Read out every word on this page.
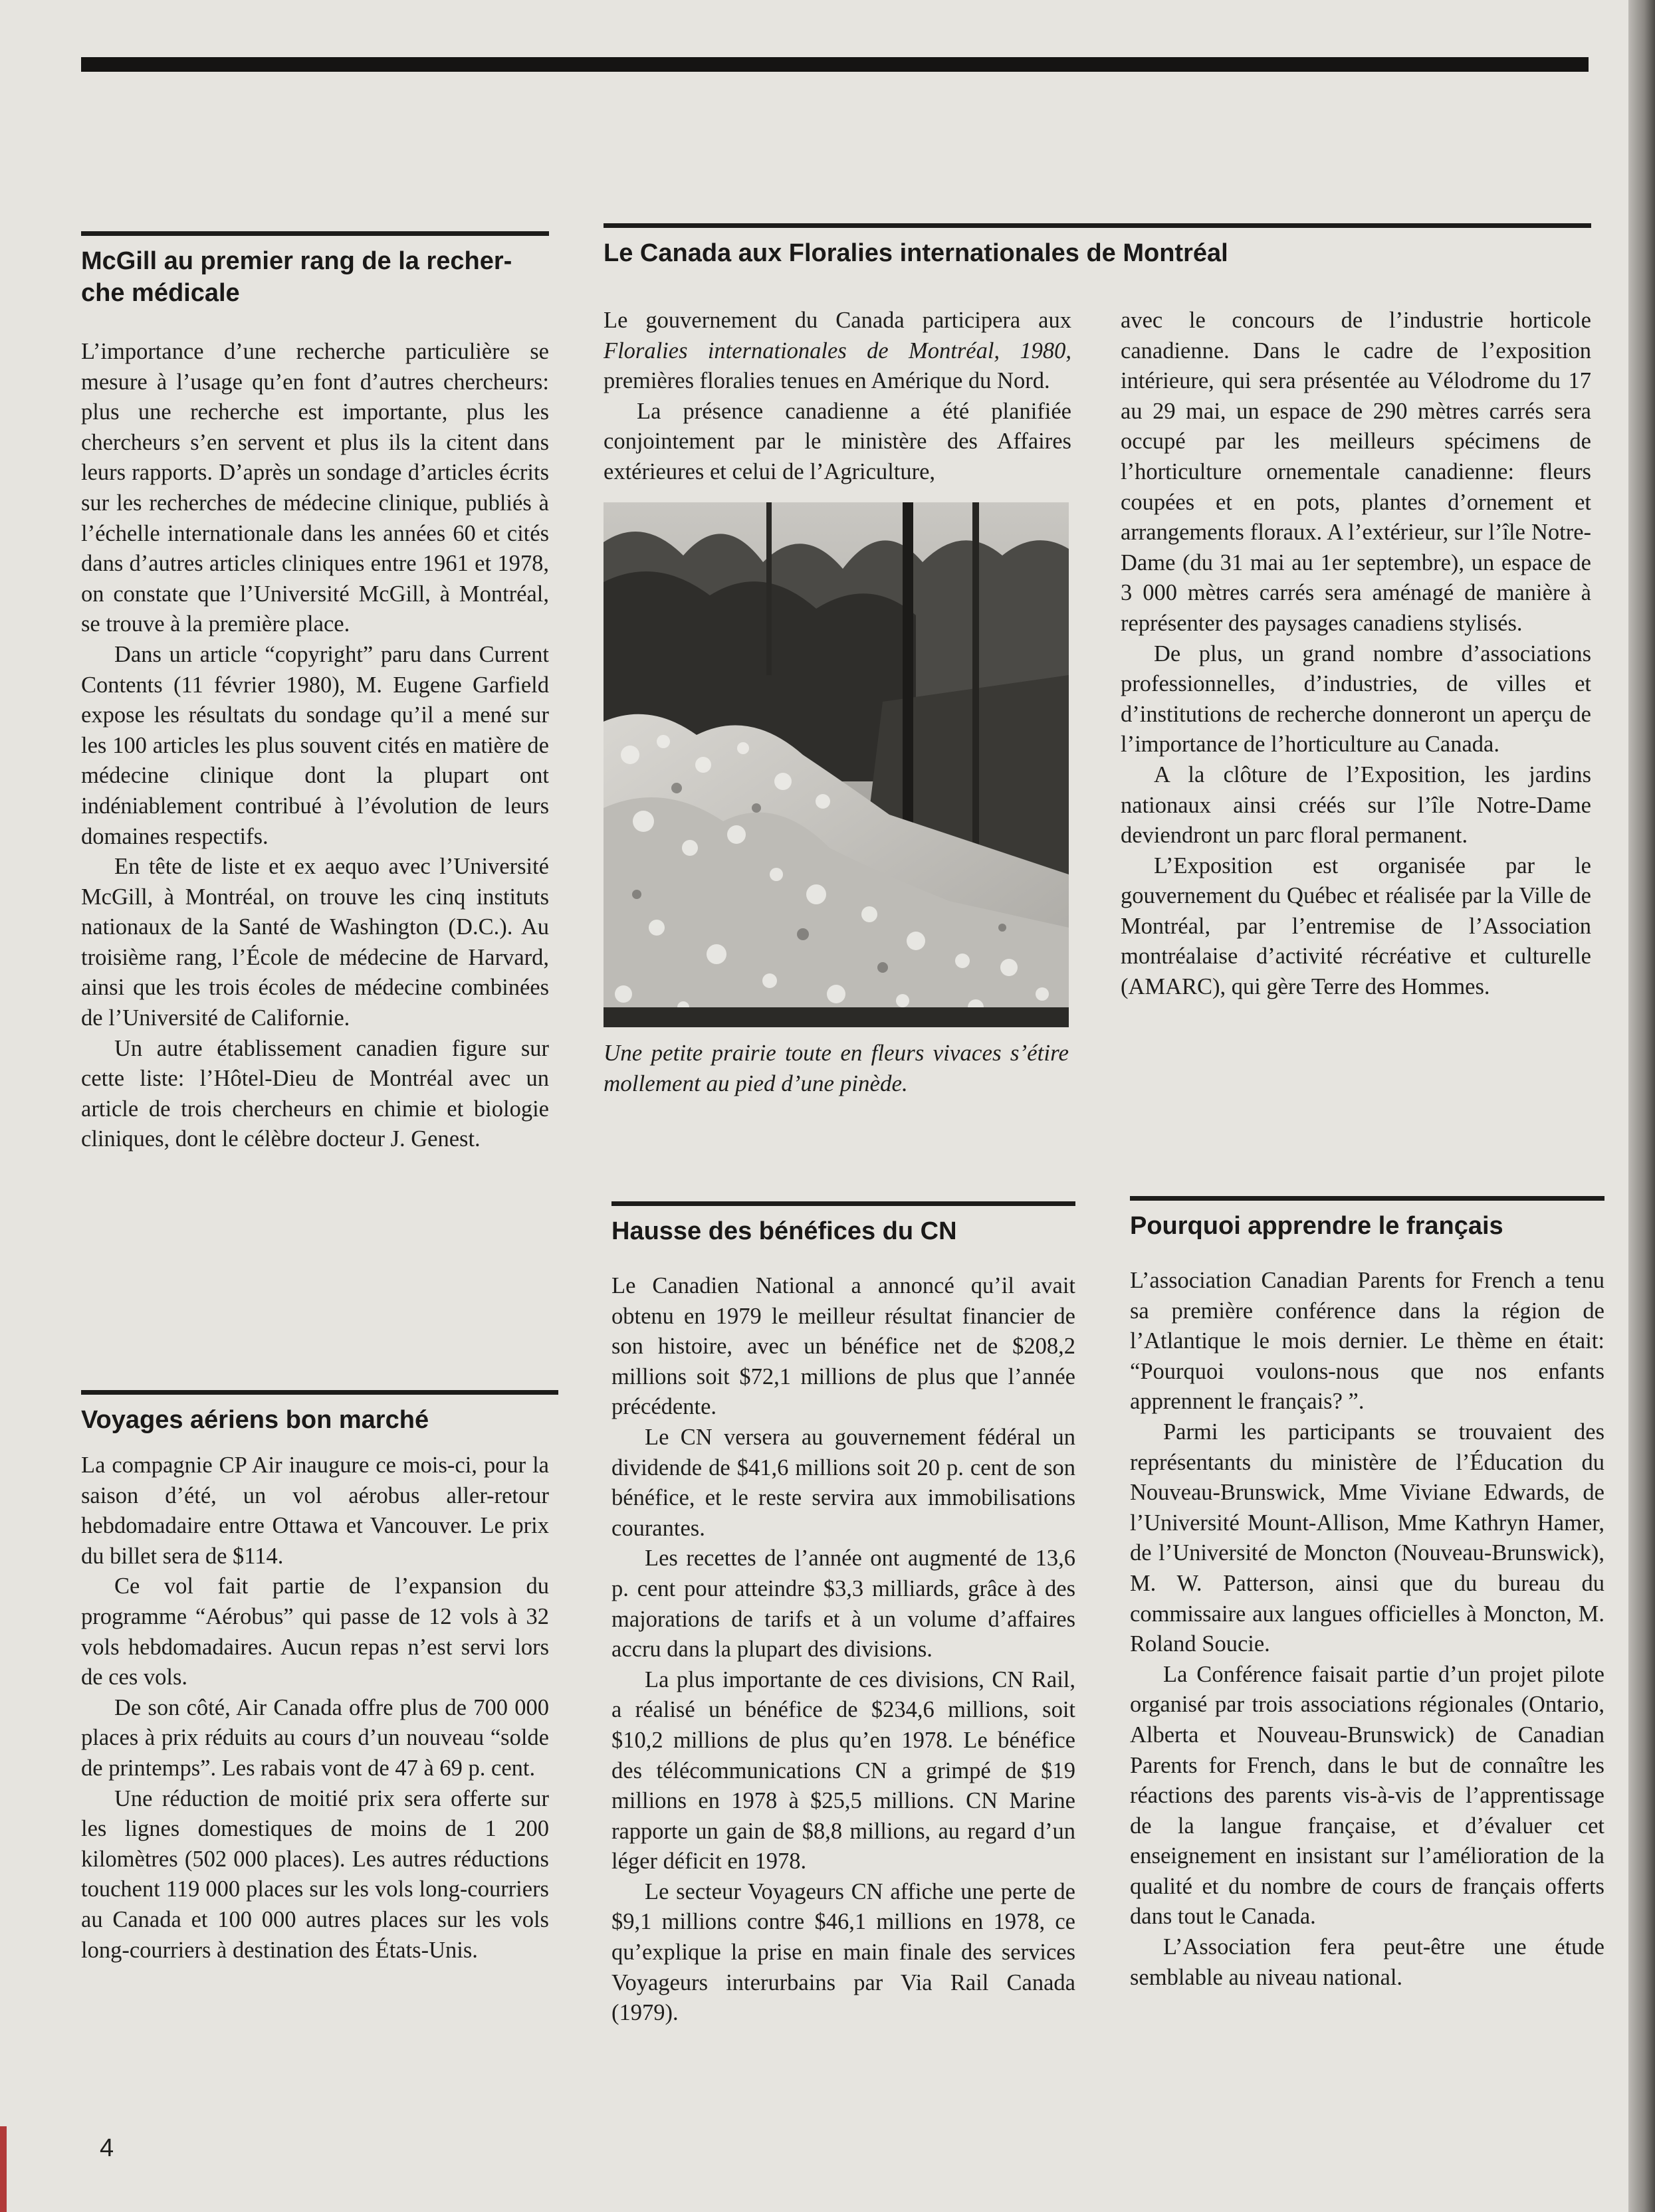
McGill au premier rang de la recher-che médicale

L’importance d’une recherche particulière se mesure à l’usage qu’en font d’autres chercheurs: plus une recherche est importante, plus les chercheurs s’en servent et plus ils la citent dans leurs rapports. D’après un sondage d’articles écrits sur les recherches de médecine clinique, publiés à l’échelle internationale dans les années 60 et cités dans d’autres articles cliniques entre 1961 et 1978, on constate que l’Université McGill, à Montréal, se trouve à la première place.

Dans un article “copyright” paru dans Current Contents (11 février 1980), M. Eugene Garfield expose les résultats du sondage qu’il a mené sur les 100 articles les plus souvent cités en matière de médecine clinique dont la plupart ont indéniablement contribué à l’évolution de leurs domaines respectifs.

En tête de liste et ex aequo avec l’Université McGill, à Montréal, on trouve les cinq instituts nationaux de la Santé de Washington (D.C.). Au troisième rang, l’École de médecine de Harvard, ainsi que les trois écoles de médecine combinées de l’Université de Californie.

Un autre établissement canadien figure sur cette liste: l’Hôtel-Dieu de Montréal avec un article de trois chercheurs en chimie et biologie cliniques, dont le célèbre docteur J. Genest.

Voyages aériens bon marché

La compagnie CP Air inaugure ce mois-ci, pour la saison d’été, un vol aérobus aller-retour hebdomadaire entre Ottawa et Vancouver. Le prix du billet sera de $114.

Ce vol fait partie de l’expansion du programme “Aérobus” qui passe de 12 vols à 32 vols hebdomadaires. Aucun repas n’est servi lors de ces vols.

De son côté, Air Canada offre plus de 700 000 places à prix réduits au cours d’un nouveau “solde de printemps”. Les rabais vont de 47 à 69 p. cent.

Une réduction de moitié prix sera offerte sur les lignes domestiques de moins de 1 200 kilomètres (502 000 places). Les autres réductions touchent 119 000 places sur les vols long-courriers au Canada et 100 000 autres places sur les vols long-courriers à destination des États-Unis.

Le Canada aux Floralies internationales de Montréal

Le gouvernement du Canada participera aux Floralies internationales de Montréal, 1980, premières floralies tenues en Amérique du Nord.

La présence canadienne a été planifiée conjointement par le ministère des Affaires extérieures et celui de l’Agriculture,

Une petite prairie toute en fleurs vivaces s’étire mollement au pied d’une pinède.

avec le concours de l’industrie horticole canadienne. Dans le cadre de l’exposition intérieure, qui sera présentée au Vélodrome du 17 au 29 mai, un espace de 290 mètres carrés sera occupé par les meilleurs spécimens de l’horticulture ornementale canadienne: fleurs coupées et en pots, plantes d’ornement et arrangements floraux. A l’extérieur, sur l’île Notre-Dame (du 31 mai au 1er septembre), un espace de 3 000 mètres carrés sera aménagé de manière à représenter des paysages canadiens stylisés.

De plus, un grand nombre d’associations professionnelles, d’industries, de villes et d’institutions de recherche donneront un aperçu de l’importance de l’horticulture au Canada.

A la clôture de l’Exposition, les jardins nationaux ainsi créés sur l’île Notre-Dame deviendront un parc floral permanent.

L’Exposition est organisée par le gouvernement du Québec et réalisée par la Ville de Montréal, par l’entremise de l’Association montréalaise d’activité récréative et culturelle (AMARC), qui gère Terre des Hommes.

Hausse des bénéfices du CN

Le Canadien National a annoncé qu’il avait obtenu en 1979 le meilleur résultat financier de son histoire, avec un bénéfice net de $208,2 millions soit $72,1 millions de plus que l’année précédente.

Le CN versera au gouvernement fédéral un dividende de $41,6 millions soit 20 p. cent de son bénéfice, et le reste servira aux immobilisations courantes.

Les recettes de l’année ont augmenté de 13,6 p. cent pour atteindre $3,3 milliards, grâce à des majorations de tarifs et à un volume d’affaires accru dans la plupart des divisions.

La plus importante de ces divisions, CN Rail, a réalisé un bénéfice de $234,6 millions, soit $10,2 millions de plus qu’en 1978. Le bénéfice des télécommunications CN a grimpé de $19 millions en 1978 à $25,5 millions. CN Marine rapporte un gain de $8,8 millions, au regard d’un léger déficit en 1978.

Le secteur Voyageurs CN affiche une perte de $9,1 millions contre $46,1 millions en 1978, ce qu’explique la prise en main finale des services Voyageurs interurbains par Via Rail Canada (1979).

Pourquoi apprendre le français

L’association Canadian Parents for French a tenu sa première conférence dans la région de l’Atlantique le mois dernier. Le thème en était: “Pourquoi voulons-nous que nos enfants apprennent le français? ”.

Parmi les participants se trouvaient des représentants du ministère de l’Éducation du Nouveau-Brunswick, Mme Viviane Edwards, de l’Université Mount-Allison, Mme Kathryn Hamer, de l’Université de Moncton (Nouveau-Brunswick), M. W. Patterson, ainsi que du bureau du commissaire aux langues officielles à Moncton, M. Roland Soucie.

La Conférence faisait partie d’un projet pilote organisé par trois associations régionales (Ontario, Alberta et Nouveau-Brunswick) de Canadian Parents for French, dans le but de connaître les réactions des parents vis-à-vis de l’apprentissage de la langue française, et d’évaluer cet enseignement en insistant sur l’amélioration de la qualité et du nombre de cours de français offerts dans tout le Canada.

L’Association fera peut-être une étude semblable au niveau national.

4
